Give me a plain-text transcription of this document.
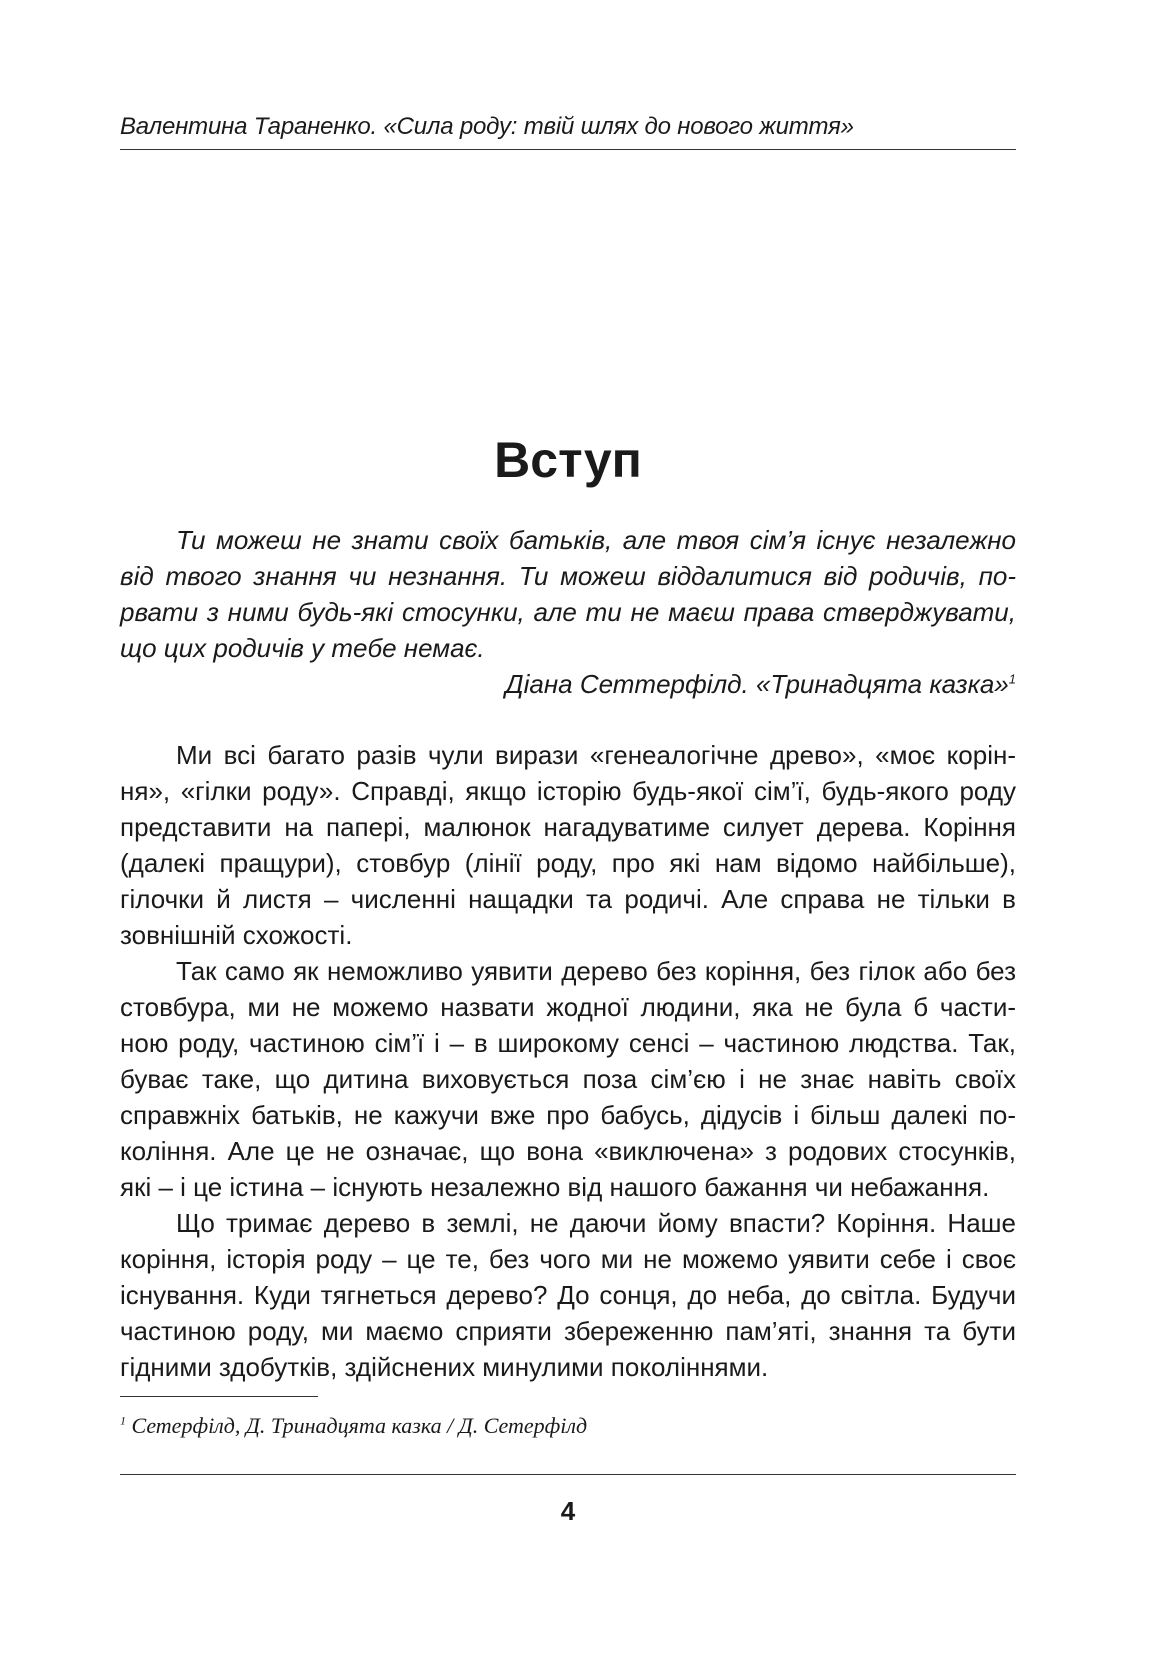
Валентина Тараненко. «Сила роду: твій шлях до нового життя»
Вступ
Ти можеш не знати своїх батьків, але твоя сім’я існує незалежно
від твого знання чи незнання. Ти можеш віддалитися від родичів, по-
рвати з ними будь-які стосунки, але ти не маєш права стверджувати,
що цих родичів у тебе немає.
Діана Сеттерфілд. «Тринадцята казка»$^1$
Ми всі багато разів чули вирази «генеалогічне древо», «моє корін-
ня», «гілки роду». Справді, якщо історію будь-якої сім’ї, будь-якого роду
представити на папері, малюнок нагадуватиме силует дерева. Коріння
(далекі пращури), стовбур (лінії роду, про які нам відомо найбільше),
гілочки й листя – численні нащадки та родичі. Але справа не тільки в
зовнішній схожості.
Так само як неможливо уявити дерево без коріння, без гілок або без
стовбура, ми не можемо назвати жодної людини, яка не була б части-
ною роду, частиною сім’ї і – в широкому сенсі – частиною людства. Так,
буває таке, що дитина виховується поза сім’єю і не знає навіть своїх
справжніх батьків, не кажучи вже про бабусь, дідусів і більш далекі по-
коління. Але це не означає, що вона «виключена» з родових стосунків,
які – і це істина – існують незалежно від нашого бажання чи небажання.
Що тримає дерево в землі, не даючи йому впасти? Коріння. Наше
коріння, історія роду – це те, без чого ми не можемо уявити себе і своє
існування. Куди тягнеться дерево? До сонця, до неба, до світла. Будучи
частиною роду, ми маємо сприяти збереженню пам’яті, знання та бути
гідними здобутків, здійснених минулими поколіннями.
$^1$ Сетерфілд, Д. Тринадцята казка / Д. Сетерфілд
4
